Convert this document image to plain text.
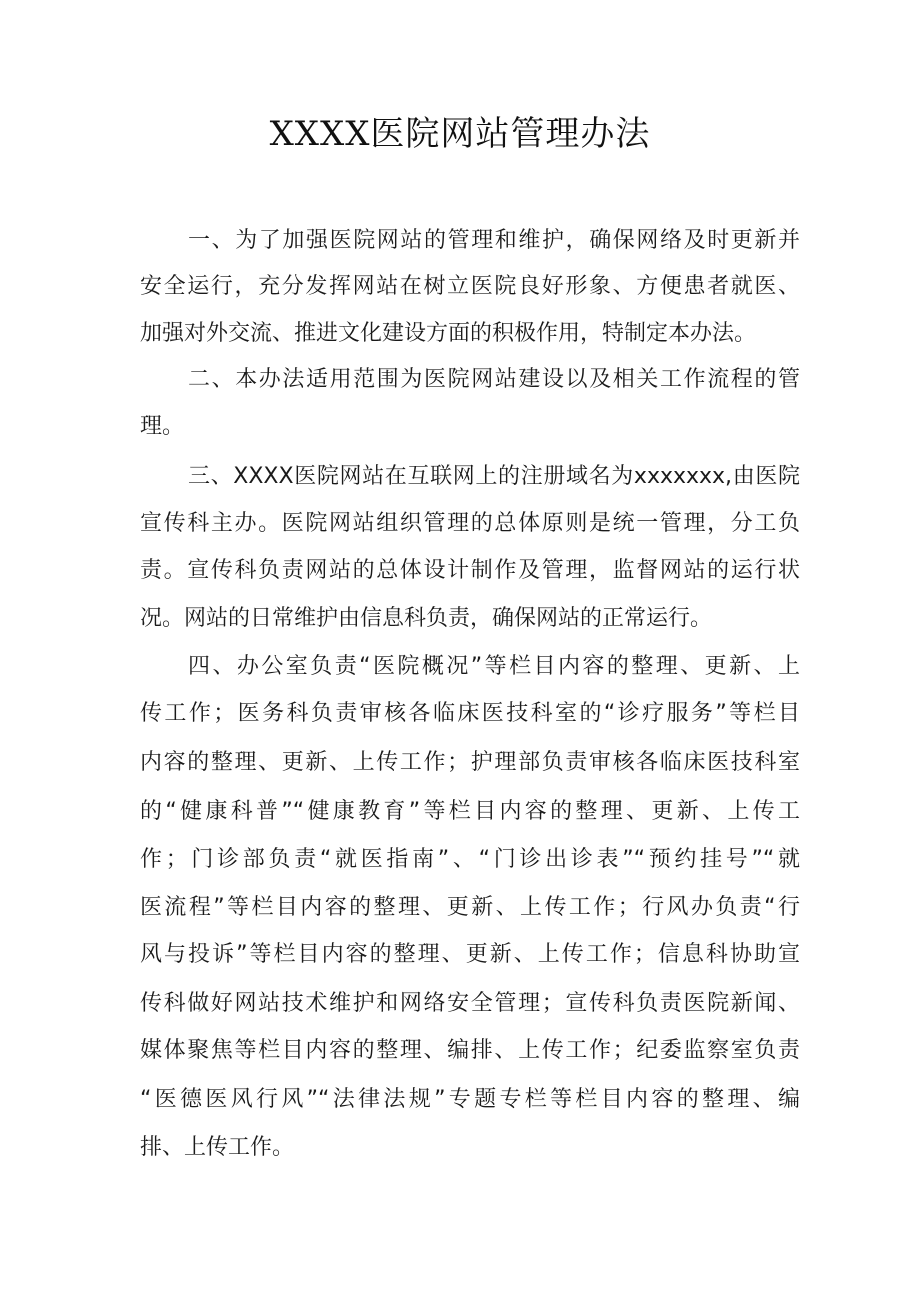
XXXX医院网站管理办法
一、为了加强医院网站的管理和维护，确保网络及时更新并
安全运行，充分发挥网站在树立医院良好形象、方便患者就医、
加强对外交流、推进文化建设方面的积极作用，特制定本办法。
二、本办法适用范围为医院网站建设以及相关工作流程的管
理。
三、XXXX医院网站在互联网上的注册域名为xxxxxxx,由医院
宣传科主办。医院网站组织管理的总体原则是统一管理，分工负
责。宣传科负责网站的总体设计制作及管理，监督网站的运行状
况。网站的日常维护由信息科负责，确保网站的正常运行。
四、办公室负责“医院概况”等栏目内容的整理、更新、上
传工作；医务科负责审核各临床医技科室的“诊疗服务”等栏目
内容的整理、更新、上传工作；护理部负责审核各临床医技科室
的“健康科普”“健康教育”等栏目内容的整理、更新、上传工
作；门诊部负责“就医指南”、“门诊出诊表”“预约挂号”“就
医流程”等栏目内容的整理、更新、上传工作；行风办负责“行
风与投诉”等栏目内容的整理、更新、上传工作；信息科协助宣
传科做好网站技术维护和网络安全管理；宣传科负责医院新闻、
媒体聚焦等栏目内容的整理、编排、上传工作；纪委监察室负责
“医德医风行风”“法律法规”专题专栏等栏目内容的整理、编
排、上传工作。
